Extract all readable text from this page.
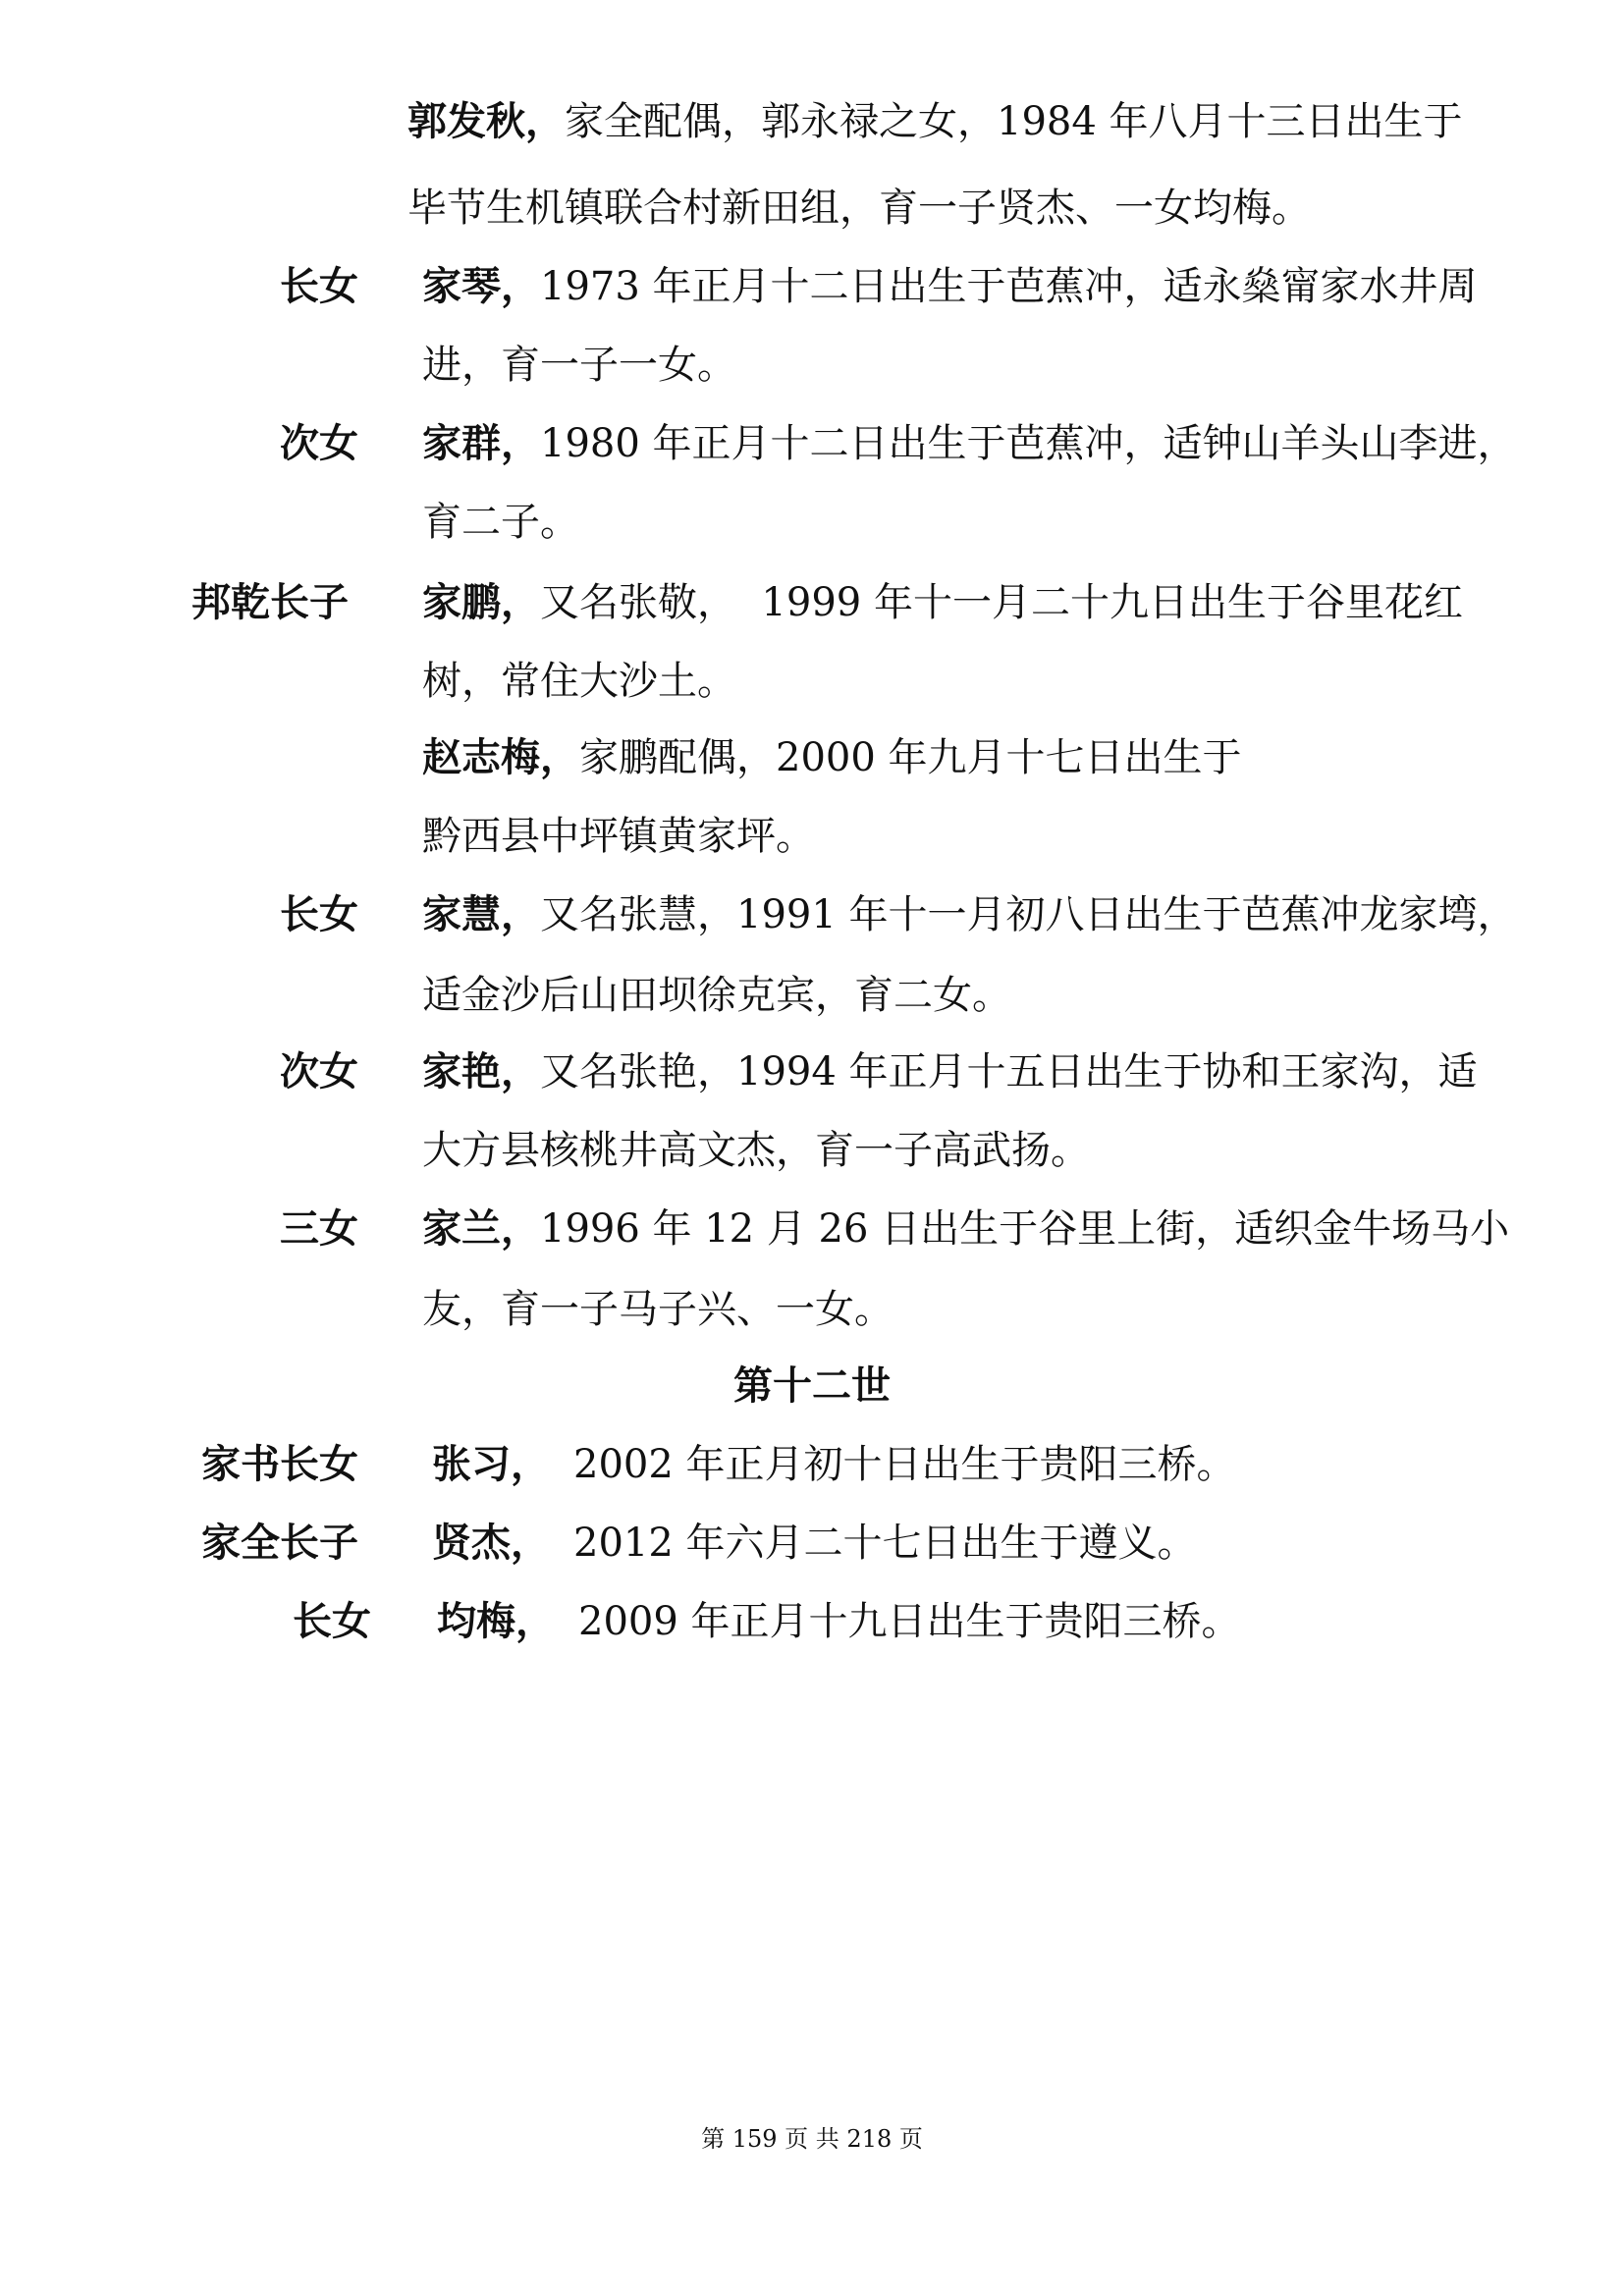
郭发秋，家全配偶，郭永禄之女，1984 年八月十三日出生于
毕节生机镇联合村新田组，育一子贤杰、一女均梅。
长女 家琴，1973 年正月十二日出生于芭蕉冲，适永燊甯家水井周
进，育一子一女。
次女 家群，1980 年正月十二日出生于芭蕉冲，适钟山羊头山李进，
育二子。
邦乾长子 家鹏，又名张敬，  1999 年十一月二十九日出生于谷里花红
树，常住大沙土。
赵志梅，家鹏配偶，2000 年九月十七日出生于
黔西县中坪镇黄家坪。
长女 家慧，又名张慧，1991 年十一月初八日出生于芭蕉冲龙家塆，
适金沙后山田坝徐克宾，育二女。
次女 家艳，又名张艳，1994 年正月十五日出生于协和王家沟，适
大方县核桃井高文杰，育一子高武扬。
三女 家兰，1996 年 12 月 26 日出生于谷里上街，适织金牛场马小
友，育一子马子兴、一女。
第十二世
家书长女 张习， 2002 年正月初十日出生于贵阳三桥。
家全长子 贤杰， 2012 年六月二十七日出生于遵义。
长女 均梅， 2009 年正月十九日出生于贵阳三桥。
第 159 页 共 218 页
